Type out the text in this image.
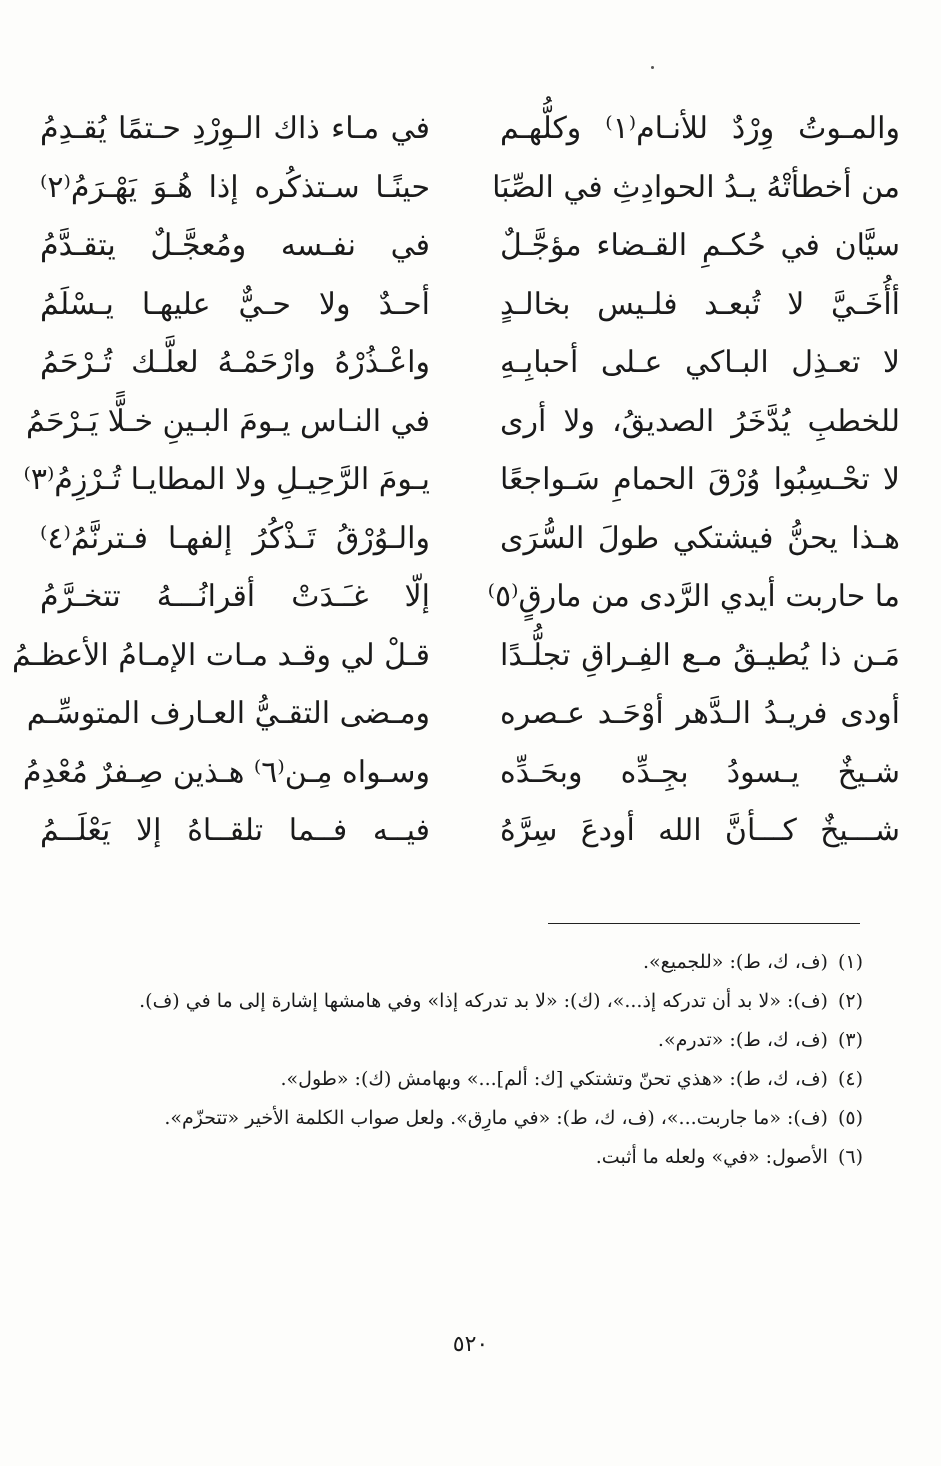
والمـوتُ وِرْدٌ للأنـام⁽١⁾ وكلُّهـم
في مـاء ذاك الـوِرْدِ حـتمًا يُقـدِمُ
من أخطأتْهُ يـدُ الحوادِثِ في الصِّبَا
حينًـا سـتذكُره إذا هُـوَ يَهْـرَمُ⁽٢⁾
سيَّان في حُكـمِ القـضاء مؤجَّـلٌ
في نفـسه ومُعجَّـلٌ يتقـدَّمُ
أأُخَـيَّ لا تُبعـد فلـيس بخالـدٍ
أحـدٌ ولا حـيٌّ عليهـا يـسْلَمُ
لا تعـذِل البـاكي عـلى أحبابِـهِ
واعْـذُرْهُ وارْحَمْـهُ لعلَّـك تُـرْحَمُ
للخطبِ يُدَّخَرُ الصديقُ، ولا أرى
في النـاس يـومَ البـينِ خـلًّا يَـرْحَمُ
لا تحْـسِبُوا وُرْقَ الحمامِ سَـواجعًا
يـومَ الرَّحِيـلِ ولا المطايـا تُـرْزِمُ⁽٣⁾
هـذا يحنُّ فيشتكي طولَ السُّرَى
والـوُرْقُ تَـذْكُرُ إلفهـا فـترنَّمُ⁽٤⁾
ما حاربت أيدي الرَّدى من مارقٍ⁽٥⁾
إلّا غـَـدَتْ أقرانُـــهُ تتخـرَّمُ
مَـن ذا يُطيـقُ مـع الفِـراقِ تجلُّـدًا
قـلْ لي وقـد مـات الإمـامُ الأعظـمُ
أودى فريـدُ الـدَّهر أوْحَـد عـصره
ومـضى التقـيُّ العـارف المتوسِّـم
شـيخٌ يـسودُ بجِـدِّه وبحَـدِّه
وسـواه مِـن⁽٦⁾ هـذين صِـفرٌ مُعْدِمُ
شـــيخٌ كـــأنَّ الله أودعَ سِرَّهُ
فيــه فــما تلقــاهُ إلا يَعْلَــمُ

(١)(ف، ك، ط): «للجميع».

(٢)(ف): «لا بد أن تدركه إذ...»، (ك): «لا بد تدركه إذا» وفي هامشها إشارة إلى ما في (ف).

(٣)(ف، ك، ط): «تدرم».

(٤)(ف، ك، ط): «هذي تحنّ وتشتكي [ك: ألم]...» وبهامش (ك): «طول».

(٥)(ف): «ما جاربت...»، (ف، ك، ط): «في مارِق». ولعل صواب الكلمة الأخير «تتحزّم».

(٦)الأصول: «في» ولعله ما أثبت.

٥٢٠
